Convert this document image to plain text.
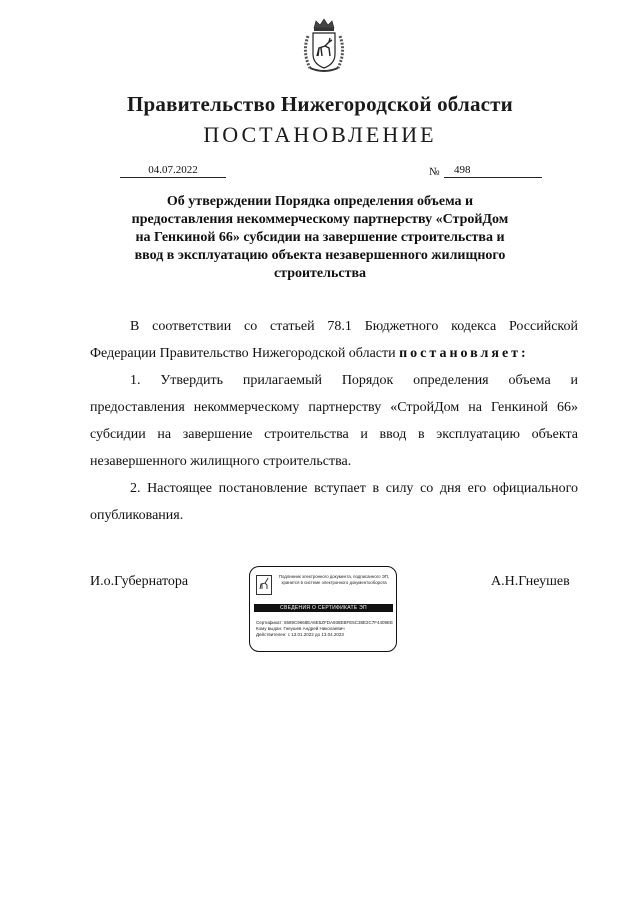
Правительство Нижегородской области
ПОСТАНОВЛЕНИЕ
04.07.2022	№	498
Об утверждении Порядка определения объема и
предоставления некоммерческому партнерству «СтройДом
на Генкиной 66» субсидии на завершение строительства и
ввод в эксплуатацию объекта незавершенного жилищного
строительства

В соответствии со статьей 78.1 Бюджетного кодекса Российской Федерации Правительство Нижегородской области постановляет:

1. Утвердить прилагаемый Порядок определения объема и предоставления некоммерческому партнерству «СтройДом на Генкиной 66» субсидии на завершение строительства и ввод в эксплуатацию объекта незавершенного жилищного строительства.

2. Настоящее постановление вступает в силу со дня его официального опубликования.

И.о.Губернатора	А.Н.Гнеушев
Подлинник электронного документа, подписанного ЭП,
хранится в системе электронного документооборота
СВЕДЕНИЯ О СЕРТИФИКАТЕ ЭП
Сертификат: 6589C9668EA6E5ZFDA938EBFE5C38E2C7F4409EE
Кому выдан: Гнеушев Андрей Николаевич
Действителен: с 13.01.2022 до 13.04.2023
